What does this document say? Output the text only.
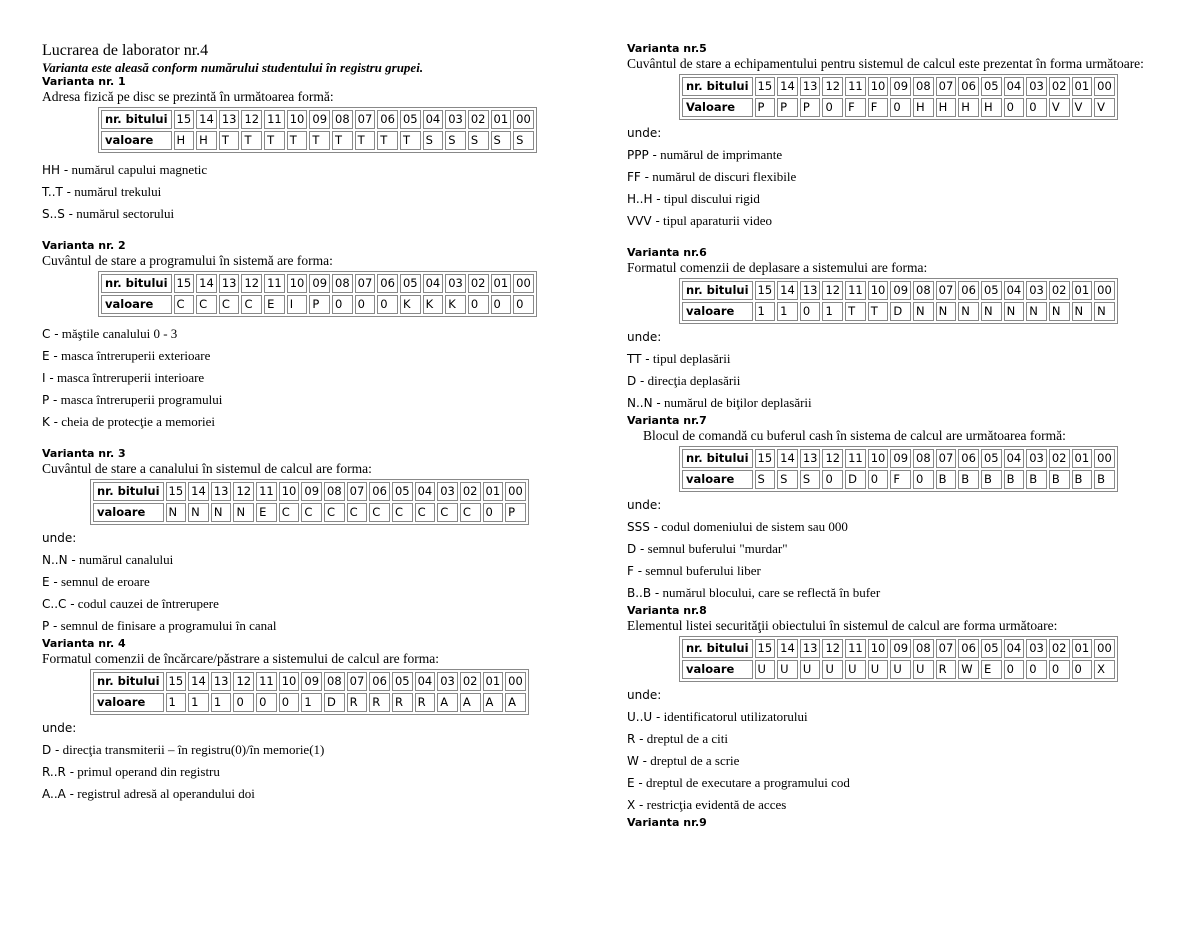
Lucrarea de laborator nr.4
Varianta este aleasă conform numărului studentului în registru grupei.
Varianta nr. 1
Adresa fizică pe disc se prezintă în următoarea formă:
nr. bitului	15	14	13	12	11	10	09	08	07	06	05	04	03	02	01	00
valoare	H	H	T	T	T	T	T	T	T	T	T	S	S	S	S	S
HH - numărul capului magnetic
T..T - numărul trekului
S..S - numărul sectorului
Varianta nr. 2
Cuvântul de stare a programului în sistemă are forma:
nr. bitului	15	14	13	12	11	10	09	08	07	06	05	04	03	02	01	00
valoare	C	C	C	C	E	I	P	0	0	0	K	K	K	0	0	0
C - măştile canalului 0 - 3
E - masca întreruperii exterioare
I - masca întreruperii interioare
P - masca întreruperii programului
K - cheia de protecţie a memoriei
Varianta nr. 3
Cuvântul de stare a canalului în sistemul de calcul are forma:
nr. bitului	15	14	13	12	11	10	09	08	07	06	05	04	03	02	01	00
valoare	N	N	N	N	E	C	C	C	C	C	C	C	C	C	0	P
unde:
N..N - numărul canalului
E - semnul de eroare
C..C - codul cauzei de întrerupere
P - semnul de finisare a programului în canal
Varianta nr. 4
Formatul comenzii de încărcare/păstrare a sistemului de calcul are forma:
nr. bitului	15	14	13	12	11	10	09	08	07	06	05	04	03	02	01	00
valoare	1	1	1	0	0	0	1	D	R	R	R	R	A	A	A	A
unde:
D - direcţia transmiterii – în registru(0)/în memorie(1)
R..R - primul operand din registru
A..A - registrul adresă al operandului doi
Varianta nr.5
Cuvântul de stare a echipamentului pentru sistemul de calcul este prezentat în forma următoare:
nr. bitului	15	14	13	12	11	10	09	08	07	06	05	04	03	02	01	00
Valoare	P	P	P	0	F	F	0	H	H	H	H	0	0	V	V	V
unde:
PPP - numărul de imprimante
FF - numărul de discuri flexibile
H..H - tipul discului rigid
VVV - tipul aparaturii video
Varianta nr.6
Formatul comenzii de deplasare a sistemului are forma:
nr. bitului	15	14	13	12	11	10	09	08	07	06	05	04	03	02	01	00
valoare	1	1	0	1	T	T	D	N	N	N	N	N	N	N	N	N
unde:
TT - tipul deplasării
D - direcţia deplasării
N..N - numărul de biţilor deplasării
Varianta nr.7
Blocul de comandă cu buferul cash în sistema de calcul are următoarea formă:
nr. bitului	15	14	13	12	11	10	09	08	07	06	05	04	03	02	01	00
valoare	S	S	S	0	D	0	F	0	B	B	B	B	B	B	B	B
unde:
SSS - codul domeniului de sistem sau 000
D - semnul buferului "murdar"
F - semnul buferului liber
B..B - numărul blocului, care se reflectă în bufer
Varianta nr.8
Elementul listei securităţii obiectului în sistemul de calcul are forma următoare:
nr. bitului	15	14	13	12	11	10	09	08	07	06	05	04	03	02	01	00
valoare	U	U	U	U	U	U	U	U	R	W	E	0	0	0	0	X
unde:
U..U - identificatorul utilizatorului
R - dreptul de a citi
W - dreptul de a scrie
E - dreptul de executare a programului cod
X - restricţia evidentă de acces
Varianta nr.9
